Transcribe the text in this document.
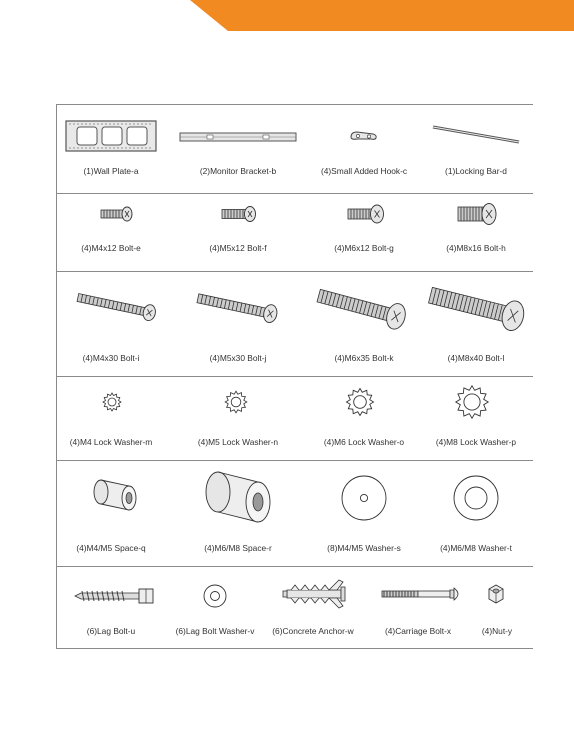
(1)Wall Plate-a	(2)Monitor Bracket-b	(4)Small Added Hook-c	(1)Locking Bar-d
(4)M4x12 Bolt-e	(4)M5x12 Bolt-f	(4)M6x12 Bolt-g	(4)M8x16 Bolt-h
(4)M4x30 Bolt-i	(4)M5x30 Bolt-j	(4)M6x35 Bolt-k	(4)M8x40 Bolt-l
(4)M4 Lock Washer-m	(4)M5 Lock Washer-n	(4)M6 Lock Washer-o	(4)M8 Lock Washer-p
(4)M4/M5 Space-q	(4)M6/M8 Space-r	(8)M4/M5 Washer-s	(4)M6/M8 Washer-t
(6)Lag Bolt-u	(6)Lag Bolt Washer-v (6)Concrete Anchor-w	(4)Carriage Bolt-x	(4)Nut-y
